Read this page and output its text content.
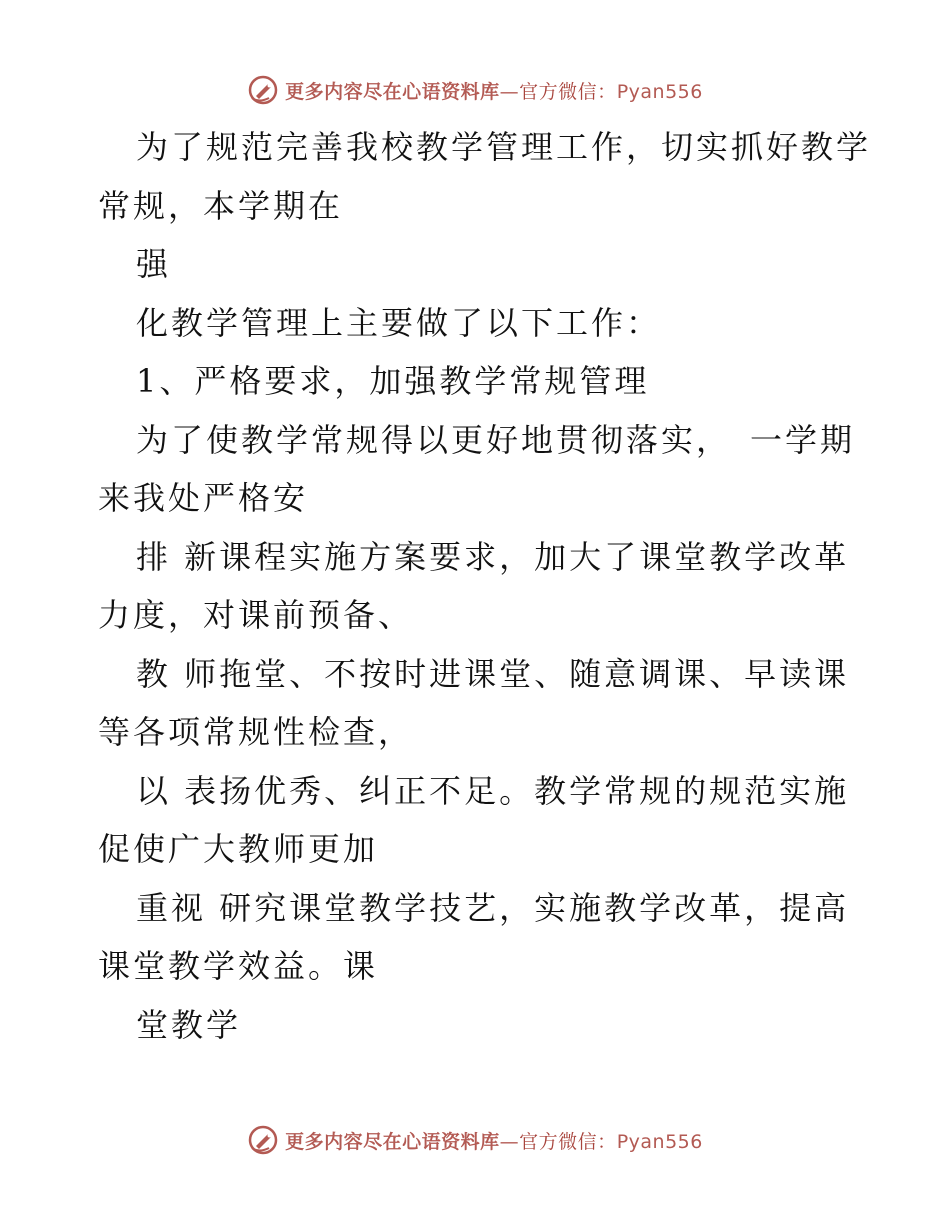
更多内容尽在心语资料库—官方微信：Pyan556
为了规范完善我校教学管理工作，切实抓好教学
常规，本学期在
强
化教学管理上主要做了以下工作：
1、严格要求，加强教学常规管理
为了使教学常规得以更好地贯彻落实，　一学期
来我处严格安
排 新课程实施方案要求，加大了课堂教学改革
力度，对课前预备、
教 师拖堂、不按时进课堂、随意调课、早读课
等各项常规性检查，
以 表扬优秀、纠正不足。教学常规的规范实施
促使广大教师更加
重视 研究课堂教学技艺，实施教学改革，提高
课堂教学效益。课
堂教学
更多内容尽在心语资料库—官方微信：Pyan556
